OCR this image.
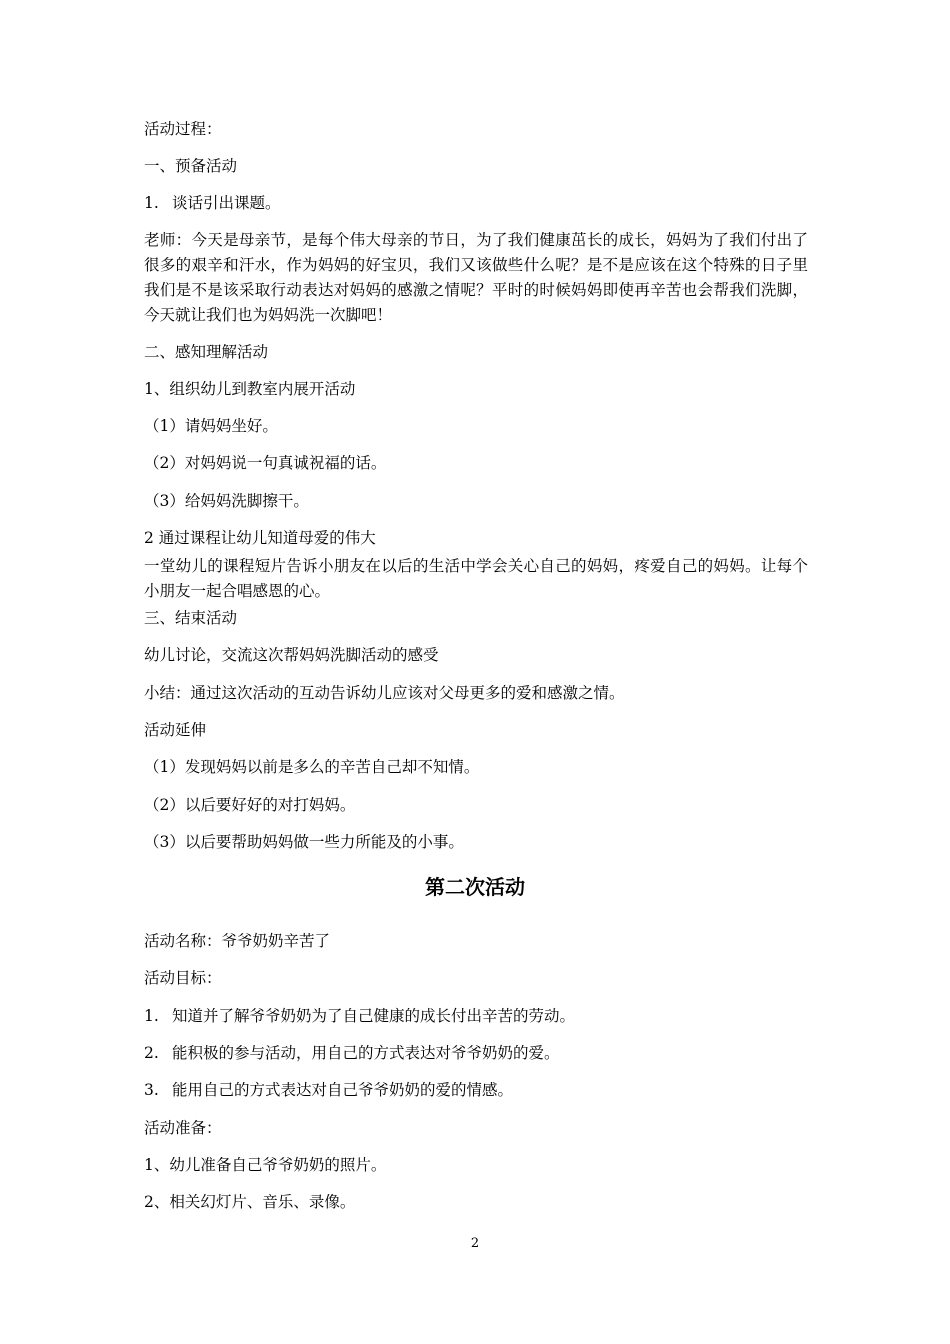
活动过程：
一、预备活动
1. 谈话引出课题。
老师：今天是母亲节，是每个伟大母亲的节日，为了我们健康茁长的成长，妈妈为了我们付出了很多的艰辛和汗水，作为妈妈的好宝贝，我们又该做些什么呢？是不是应该在这个特殊的日子里我们是不是该采取行动表达对妈妈的感激之情呢？平时的时候妈妈即使再辛苦也会帮我们洗脚，今天就让我们也为妈妈洗一次脚吧！
二、感知理解活动
1、组织幼儿到教室内展开活动
（1）请妈妈坐好。
（2）对妈妈说一句真诚祝福的话。
（3）给妈妈洗脚擦干。
2 通过课程让幼儿知道母爱的伟大
一堂幼儿的课程短片告诉小朋友在以后的生活中学会关心自己的妈妈，疼爱自己的妈妈。让每个小朋友一起合唱感恩的心。
三、结束活动
幼儿讨论，交流这次帮妈妈洗脚活动的感受
小结：通过这次活动的互动告诉幼儿应该对父母更多的爱和感激之情。
活动延伸
（1）发现妈妈以前是多么的辛苦自己却不知情。
（2）以后要好好的对打妈妈。
（3）以后要帮助妈妈做一些力所能及的小事。
第二次活动
活动名称：爷爷奶奶辛苦了
活动目标：
1. 知道并了解爷爷奶奶为了自己健康的成长付出辛苦的劳动。
2. 能积极的参与活动，用自己的方式表达对爷爷奶奶的爱。
3. 能用自己的方式表达对自己爷爷奶奶的爱的情感。
活动准备：
1、幼儿准备自己爷爷奶奶的照片。
2、相关幻灯片、音乐、录像。
2
